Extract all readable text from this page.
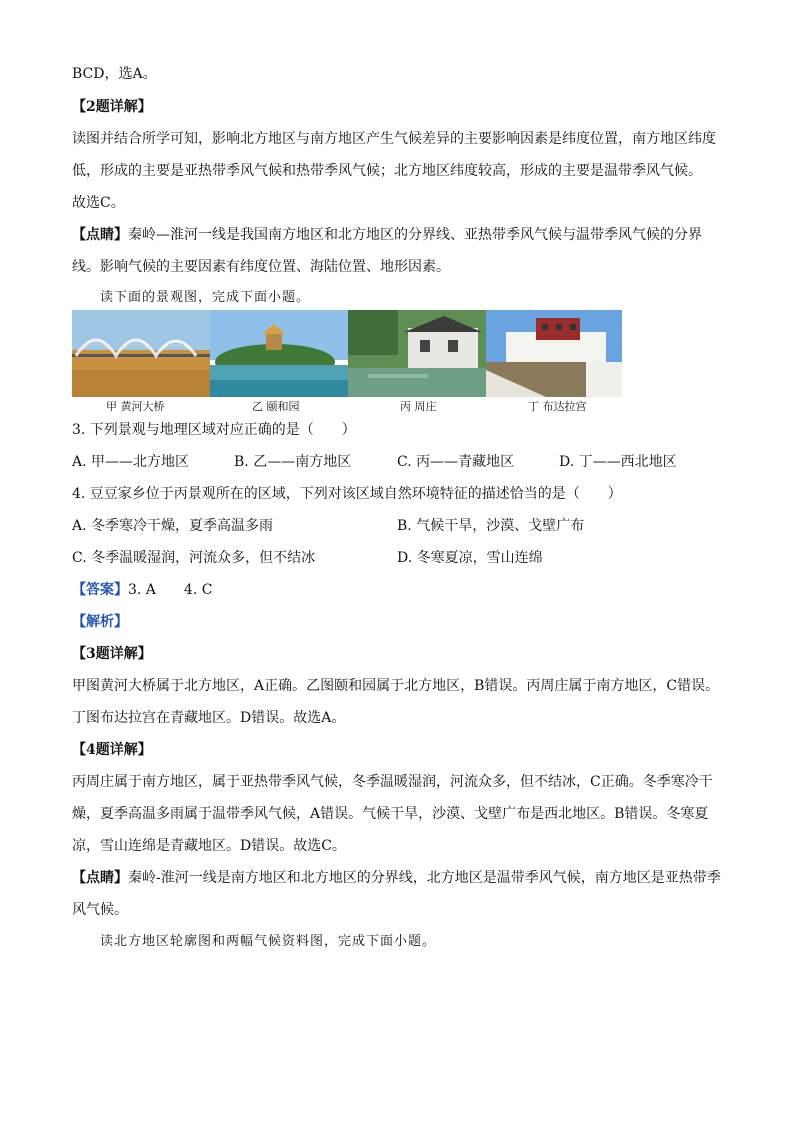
BCD，选A。
【2题详解】
读图并结合所学可知，影响北方地区与南方地区产生气候差异的主要影响因素是纬度位置，南方地区纬度
低，形成的主要是亚热带季风气候和热带季风气候；北方地区纬度较高，形成的主要是温带季风气候。
故选C。
【点睛】秦岭—淮河一线是我国南方地区和北方地区的分界线、亚热带季风气候与温带季风气候的分界
线。影响气候的主要因素有纬度位置、海陆位置、地形因素。
读下面的景观图，完成下面小题。
甲 黄河大桥	乙 颐和园	丙 周庄	丁 布达拉宫
3. 下列景观与地理区域对应正确的是（　　）
A. 甲——北方地区	B. 乙——南方地区	C. 丙——青藏地区	D. 丁——西北地区
4. 豆豆家乡位于丙景观所在的区域，下列对该区域自然环境特征的描述恰当的是（　　）
A. 冬季寒冷干燥，夏季高温多雨	B. 气候干旱，沙漠、戈壁广布
C. 冬季温暖湿润，河流众多，但不结冰	D. 冬寒夏凉，雪山连绵
【答案】3. A　　4. C
【解析】
【3题详解】
甲图黄河大桥属于北方地区，A正确。乙图颐和园属于北方地区，B错误。丙周庄属于南方地区，C错误。
丁图布达拉宫在青藏地区。D错误。故选A。
【4题详解】
丙周庄属于南方地区，属于亚热带季风气候，冬季温暖湿润，河流众多，但不结冰，C正确。冬季寒冷干
燥，夏季高温多雨属于温带季风气候，A错误。气候干旱，沙漠、戈壁广布是西北地区。B错误。冬寒夏
凉，雪山连绵是青藏地区。D错误。故选C。
【点睛】秦岭-淮河一线是南方地区和北方地区的分界线，北方地区是温带季风气候，南方地区是亚热带季
风气候。
读北方地区轮廓图和两幅气候资料图，完成下面小题。
